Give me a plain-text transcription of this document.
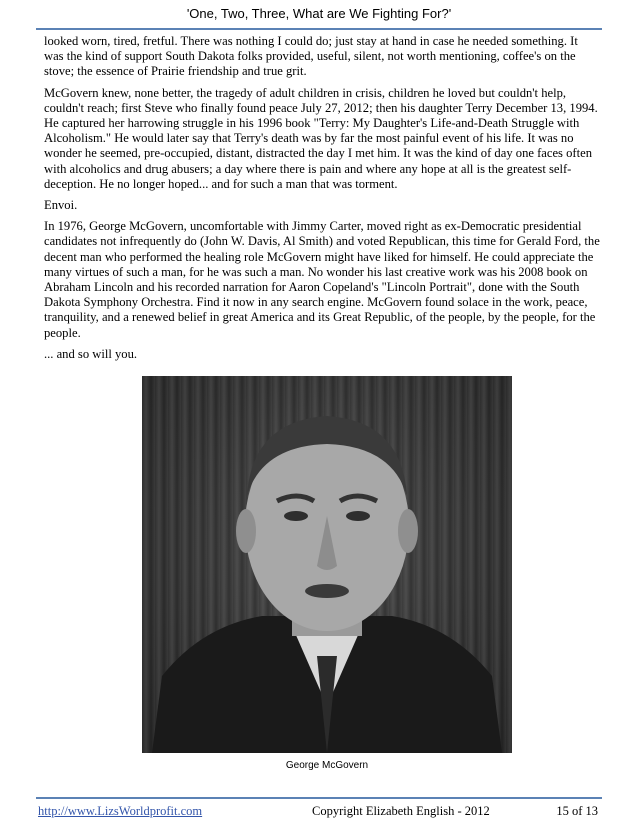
'One, Two, Three, What are We Fighting For?'

looked worn, tired, fretful. There was nothing I could do; just stay at hand in case he needed something. It was the kind of support South Dakota folks provided, useful, silent, not worth mentioning, coffee's on the stove; the essence of Prairie friendship and true grit.

McGovern knew, none better, the tragedy of adult children in crisis, children he loved but couldn't help, couldn't reach; first Steve who finally found peace July 27, 2012; then his daughter Terry December 13, 1994. He captured her harrowing struggle in his 1996 book "Terry: My Daughter's Life-and-Death Struggle with Alcoholism." He would later say that Terry's death was by far the most painful event of his life. It was no wonder he seemed, pre-occupied, distant, distracted the day I met him. It was the kind of day one faces often with alcoholics and drug abusers; a day where there is pain and where any hope at all is the greatest self-deception. He no longer hoped... and for such a man that was torment.

Envoi.

In 1976, George McGovern, uncomfortable with Jimmy Carter, moved right as ex-Democratic presidential candidates not infrequently do (John W. Davis, Al Smith) and voted Republican, this time for Gerald Ford, the decent man who performed the healing role McGovern might have liked for himself. He could appreciate the many virtues of such a man, for he was such a man. No wonder his last creative work was his 2008 book on Abraham Lincoln and his recorded narration for Aaron Copeland's "Lincoln Portrait", done with the South Dakota Symphony Orchestra. Find it now in any search engine. McGovern found solace in the work, peace, tranquility, and a renewed belief in great America and its Great Republic, of the people, by the people, for the people.

... and so will you.

George McGovern
http://www.LizsWorldprofit.com	Copyright Elizabeth English - 2012	15 of 13
